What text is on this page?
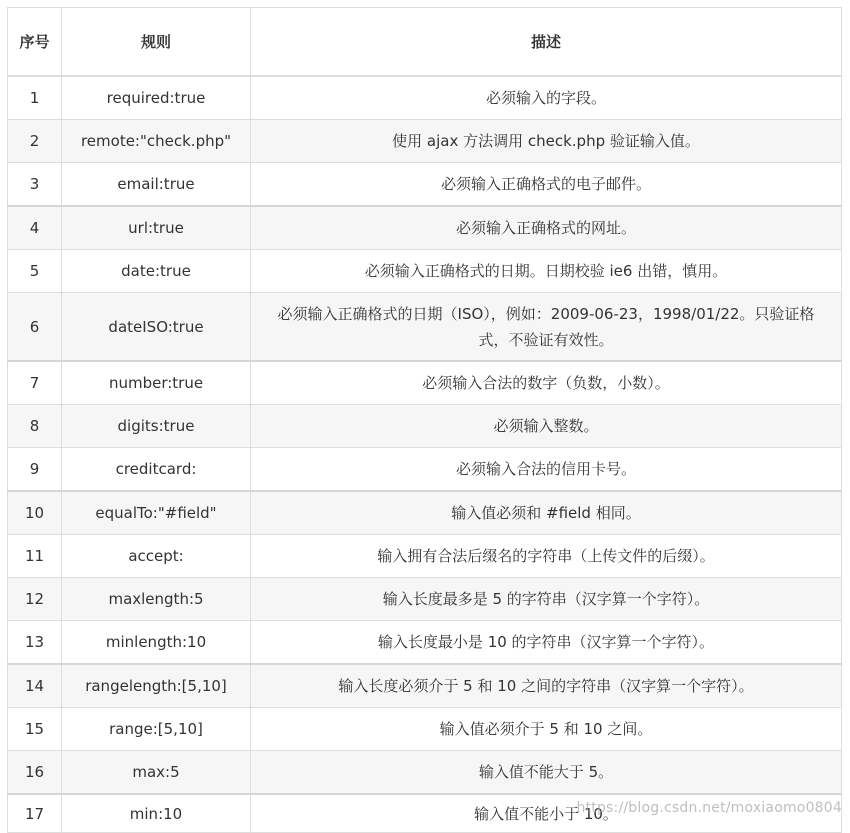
序号	规则	描述
1	required:true	必须输入的字段。
2	remote:"check.php"	使用 ajax 方法调用 check.php 验证输入值。
3	email:true	必须输入正确格式的电子邮件。
4	url:true	必须输入正确格式的网址。
5	date:true	必须输入正确格式的日期。日期校验 ie6 出错，慎用。
6	dateISO:true	必须输入正确格式的日期（ISO），例如：2009-06-23，1998/01/22。只验证格式，不验证有效性。
7	number:true	必须输入合法的数字（负数，小数）。
8	digits:true	必须输入整数。
9	creditcard:	必须输入合法的信用卡号。
10	equalTo:"#field"	输入值必须和 #field 相同。
11	accept:	输入拥有合法后缀名的字符串（上传文件的后缀）。
12	maxlength:5	输入长度最多是 5 的字符串（汉字算一个字符）。
13	minlength:10	输入长度最小是 10 的字符串（汉字算一个字符）。
14	rangelength:[5,10]	输入长度必须介于 5 和 10 之间的字符串（汉字算一个字符）。
15	range:[5,10]	输入值必须介于 5 和 10 之间。
16	max:5	输入值不能大于 5。
17	min:10	输入值不能小于 10。
https://blog.csdn.net/moxiaomo0804
